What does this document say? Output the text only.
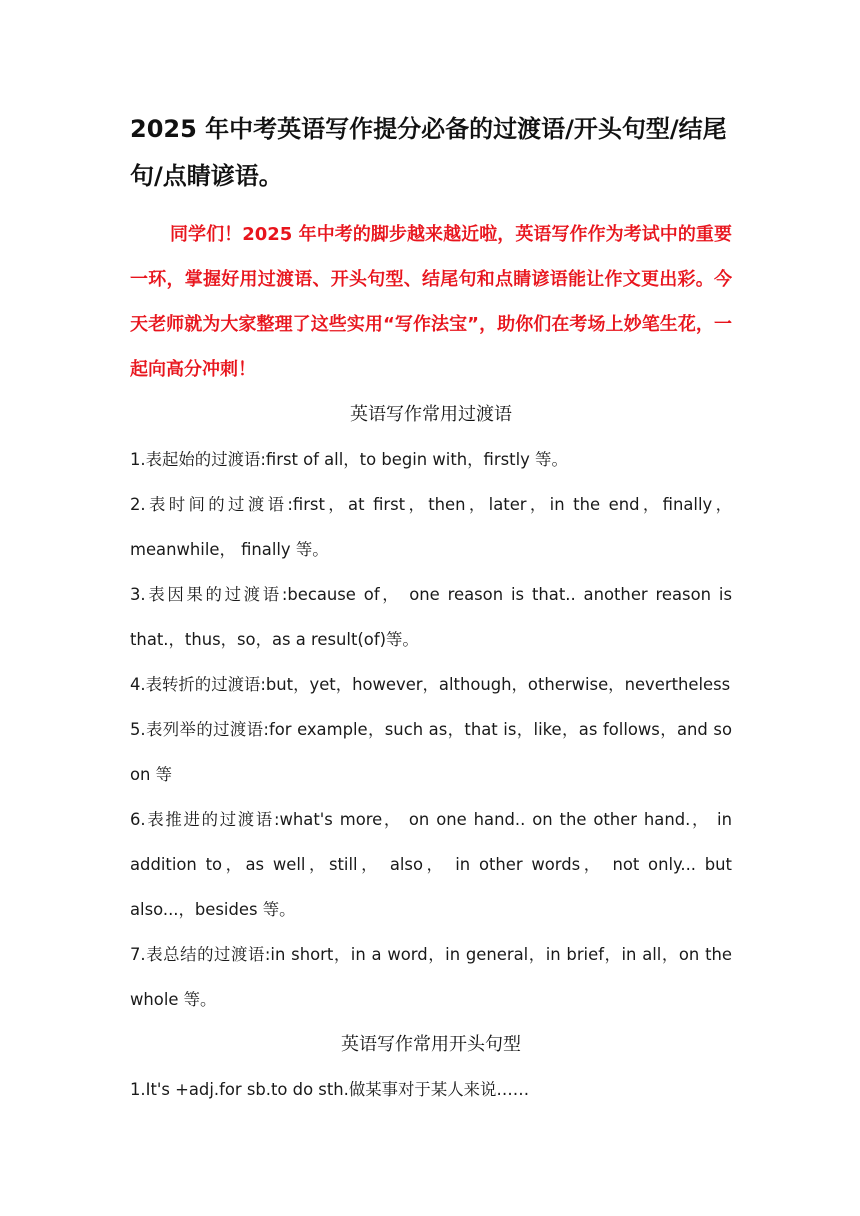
2025 年中考英语写作提分必备的过渡语/开头句型/结尾句/点睛谚语。

同学们！2025 年中考的脚步越来越近啦，英语写作作为考试中的重要一环，掌握好用过渡语、开头句型、结尾句和点睛谚语能让作文更出彩。今天老师就为大家整理了这些实用“写作法宝”，助你们在考场上妙笔生花，一起向高分冲刺！

英语写作常用过渡语

1.表起始的过渡语:first of all，to begin with，firstly 等。

2.表时间的过渡语:first，at first，then，later，in the end，finally，meanwhile， finally 等。

3.表因果的过渡语:because of， one reason is that.. another reason is that.，thus，so，as a result(of)等。

4.表转折的过渡语:but，yet，however，although，otherwise，nevertheless

5.表列举的过渡语:for example，such as，that is，like，as follows，and so on 等

6.表推进的过渡语:what's more， on one hand.. on the other hand.， in addition to，as well，still， also， in other words， not only... but also...，besides 等。

7.表总结的过渡语:in short，in a word，in general，in brief，in all，on the whole 等。

英语写作常用开头句型

1.It's +adj.for sb.to do sth.做某事对于某人来说……
